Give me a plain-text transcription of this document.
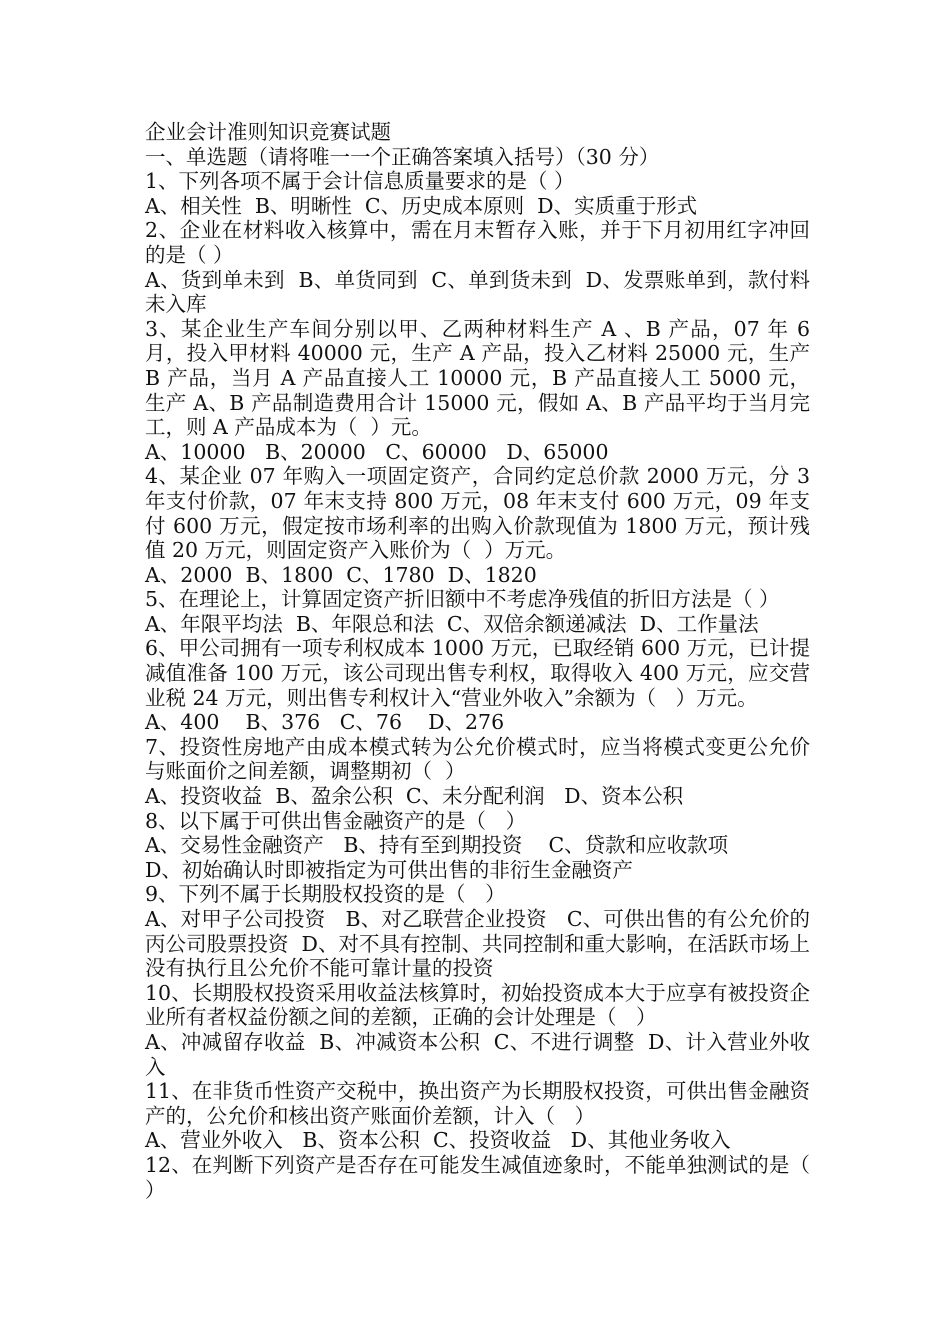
企业会计准则知识竞赛试题

一、单选题（请将唯一一个正确答案填入括号）（30 分）

1、下列各项不属于会计信息质量要求的是（ ）

A、相关性  B、明晰性  C、历史成本原则  D、实质重于形式

2、企业在材料收入核算中，需在月末暂存入账，并于下月初用红字冲回的是（ ）

A、货到单未到  B、单货同到  C、单到货未到  D、发票账单到，款付料未入库

3、某企业生产车间分别以甲、乙两种材料生产 A 、B 产品，07 年 6 月，投入甲材料 40000 元，生产 A 产品，投入乙材料 25000 元，生产 B 产品，当月 A 产品直接人工 10000 元，B 产品直接人工 5000 元，生产 A、B 产品制造费用合计 15000 元，假如 A、B 产品平均于当月完工，则 A 产品成本为（  ）元。

A、10000   B、20000   C、60000   D、65000

4、某企业 07 年购入一项固定资产，合同约定总价款 2000 万元，分 3 年支付价款，07 年末支持 800 万元，08 年末支付 600 万元，09 年支付 600 万元，假定按市场利率的出购入价款现值为 1800 万元，预计残值 20 万元，则固定资产入账价为（  ）万元。

A、2000  B、1800  C、1780  D、1820

5、在理论上，计算固定资产折旧额中不考虑净残值的折旧方法是（ ）

A、年限平均法  B、年限总和法  C、双倍余额递减法  D、工作量法

6、甲公司拥有一项专利权成本 1000 万元，已取经销 600 万元，已计提减值准备 100 万元，该公司现出售专利权，取得收入 400 万元，应交营业税 24 万元，则出售专利权计入“营业外收入”余额为（   ）万元。

A、400    B、376   C、76    D、276

7、投资性房地产由成本模式转为公允价模式时，应当将模式变更公允价与账面价之间差额，调整期初（  ）

A、投资收益  B、盈余公积  C、未分配利润   D、资本公积

8、以下属于可供出售金融资产的是（   ）

A、交易性金融资产   B、持有至到期投资    C、贷款和应收款项

D、初始确认时即被指定为可供出售的非衍生金融资产

9、下列不属于长期股权投资的是（   ）

A、对甲子公司投资   B、对乙联营企业投资   C、可供出售的有公允价的丙公司股票投资  D、对不具有控制、共同控制和重大影响，在活跃市场上没有执行且公允价不能可靠计量的投资

10、长期股权投资采用收益法核算时，初始投资成本大于应享有被投资企业所有者权益份额之间的差额，正确的会计处理是（   ）

A、冲减留存收益  B、冲减资本公积  C、不进行调整  D、计入营业外收入

11、在非货币性资产交税中，换出资产为长期股权投资，可供出售金融资产的，公允价和核出资产账面价差额，计入（   ）

A、营业外收入   B、资本公积  C、投资收益   D、其他业务收入

12、在判断下列资产是否存在可能发生减值迹象时，不能单独测试的是（   ）
